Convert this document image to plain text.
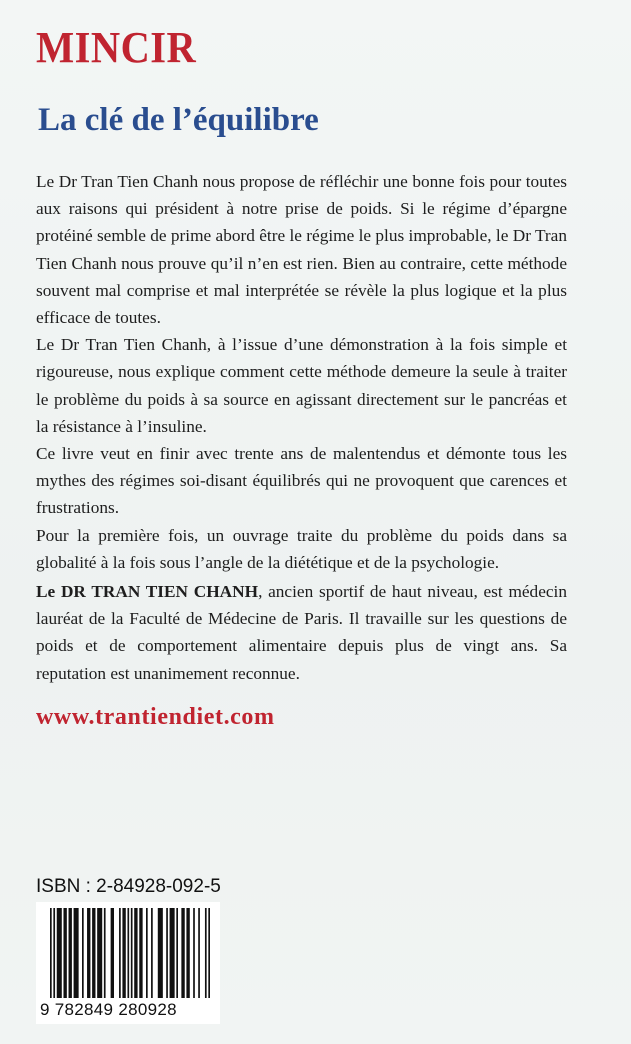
MINCIR
La clé de l’équilibre

Le Dr Tran Tien Chanh nous propose de réfléchir une bonne fois pour toutes aux raisons qui président à notre prise de poids. Si le régime d’épargne protéiné semble de prime abord être le régime le plus improbable, le Dr Tran Tien Chanh nous prouve qu’il n’en est rien. Bien au contraire, cette méthode souvent mal comprise et mal interprétée se révèle la plus logique et la plus efficace de toutes.

Le Dr Tran Tien Chanh, à l’issue d’une démonstration à la fois simple et rigoureuse, nous explique comment cette méthode demeure la seule à traiter le problème du poids à sa source en agissant directement sur le pancréas et la résistance à l’insuline.

Ce livre veut en finir avec trente ans de malentendus et démonte tous les mythes des régimes soi-disant équilibrés qui ne provoquent que carences et frustrations.

Pour la première fois, un ouvrage traite du problème du poids dans sa globalité à la fois sous l’angle de la diététique et de la psychologie.

Le DR TRAN TIEN CHANH, ancien sportif de haut niveau, est médecin lauréat de la Faculté de Médecine de Paris. Il travaille sur les questions de poids et de comportement alimentaire depuis plus de vingt ans. Sa reputation est unanimement reconnue.
www.trantiendiet.com
ISBN : 2-84928-092-5
9 782849 280928
